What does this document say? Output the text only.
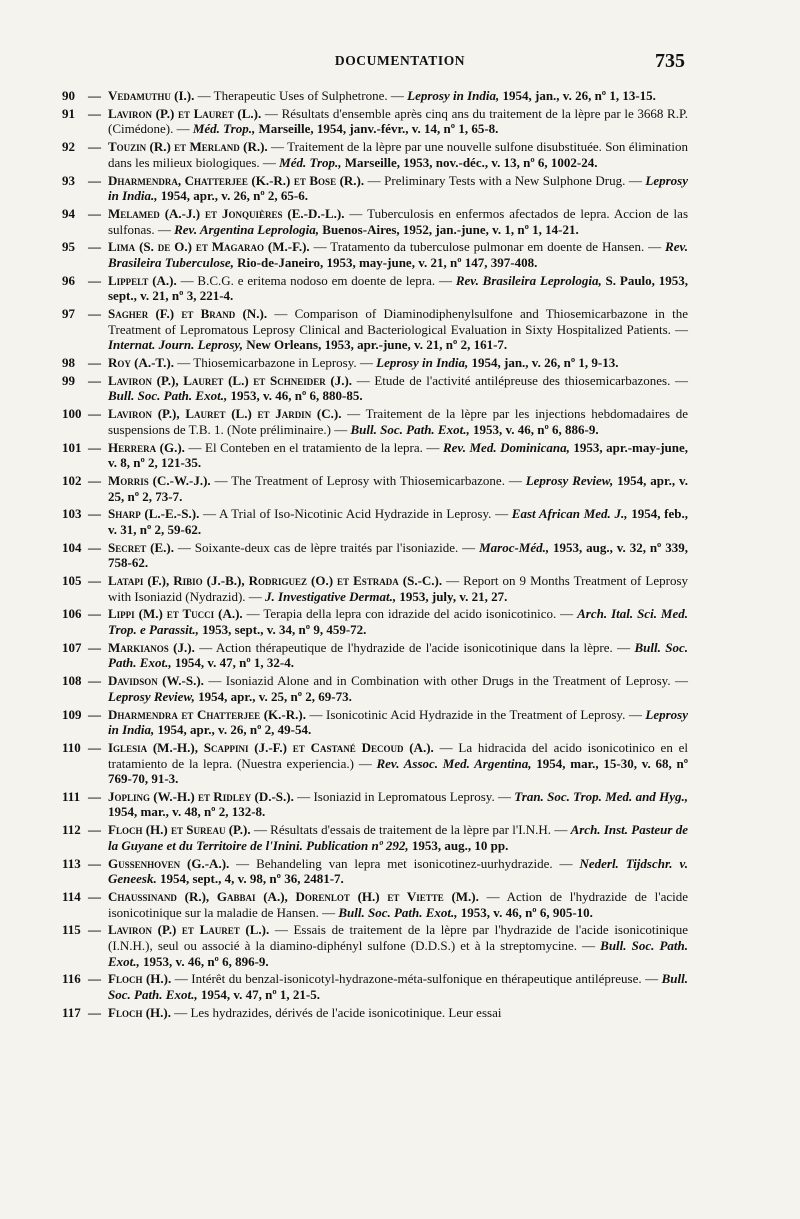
DOCUMENTATION	735
90 — Vedamuthu (I.). — Therapeutic Uses of Sulphetrone. — Leprosy in India, 1954, jan., v. 26, nº 1, 13-15.
91 — Laviron (P.) et Lauret (L.). — Résultats d'ensemble après cinq ans du traitement de la lèpre par le 3668 R.P. (Cimédone). — Méd. Trop., Marseille, 1954, janv.-févr., v. 14, nº 1, 65-8.
92 — Touzin (R.) et Merland (R.). — Traitement de la lèpre par une nouvelle sulfone disubstituée. Son élimination dans les milieux biologiques. — Méd. Trop., Marseille, 1953, nov.-déc., v. 13, nº 6, 1002-24.
93 — Dharmendra, Chatterjee (K.-R.) et Bose (R.). — Preliminary Tests with a New Sulphone Drug. — Leprosy in India., 1954, apr., v. 26, nº 2, 65-6.
94 — Melamed (A.-J.) et Jonquières (E.-D.-L.). — Tuberculosis en enfermos afectados de lepra. Accion de las sulfonas. — Rev. Argentina Leprologia, Buenos-Aires, 1952, jan.-june, v. 1, nº 1, 14-21.
95 — Lima (S. de O.) et Magarao (M.-F.). — Tratamento da tuberculose pulmonar em doente de Hansen. — Rev. Brasileira Tuberculose, Rio-de-Janeiro, 1953, may-june, v. 21, nº 147, 397-408.
96 — Lippelt (A.). — B.C.G. e eritema nodoso em doente de lepra. — Rev. Brasileira Leprologia, S. Paulo, 1953, sept., v. 21, nº 3, 221-4.
97 — Sagher (F.) et Brand (N.). — Comparison of Diaminodiphenylsulfone and Thiosemicarbazone in the Treatment of Lepromatous Leprosy Clinical and Bacteriological Evaluation in Sixty Hospitalized Patients. — Internat. Journ. Leprosy, New Orleans, 1953, apr.-june, v. 21, nº 2, 161-7.
98 — Roy (A.-T.). — Thiosemicarbazone in Leprosy. — Leprosy in India, 1954, jan., v. 26, nº 1, 9-13.
99 — Laviron (P.), Lauret (L.) et Schneider (J.). — Etude de l'activité antilépreuse des thiosemicarbazones. — Bull. Soc. Path. Exot., 1953, v. 46, nº 6, 880-85.
100 — Laviron (P.), Lauret (L.) et Jardin (C.). — Traitement de la lèpre par les injections hebdomadaires de suspensions de T.B. 1. (Note préliminaire.) — Bull. Soc. Path. Exot., 1953, v. 46, nº 6, 886-9.
101 — Herrera (G.). — El Conteben en el tratamiento de la lepra. — Rev. Med. Dominicana, 1953, apr.-may-june, v. 8, nº 2, 121-35.
102 — Morris (C.-W.-J.). — The Treatment of Leprosy with Thiosemicarbazone. — Leprosy Review, 1954, apr., v. 25, nº 2, 73-7.
103 — Sharp (L.-E.-S.). — A Trial of Iso-Nicotinic Acid Hydrazide in Leprosy. — East African Med. J., 1954, feb., v. 31, nº 2, 59-62.
104 — Secret (E.). — Soixante-deux cas de lèpre traités par l'isoniazide. — Maroc-Méd., 1953, aug., v. 32, nº 339, 758-62.
105 — Latapi (F.), Ribio (J.-B.), Rodriguez (O.) et Estrada (S.-C.). — Report on 9 Months Treatment of Leprosy with Isoniazid (Nydrazid). — J. Investigative Dermat., 1953, july, v. 21, 27.
106 — Lippi (M.) et Tucci (A.). — Terapia della lepra con idrazide del acido isonicotinico. — Arch. Ital. Sci. Med. Trop. e Parassit., 1953, sept., v. 34, nº 9, 459-72.
107 — Markianos (J.). — Action thérapeutique de l'hydrazide de l'acide isonicotinique dans la lèpre. — Bull. Soc. Path. Exot., 1954, v. 47, nº 1, 32-4.
108 — Davidson (W.-S.). — Isoniazid Alone and in Combination with other Drugs in the Treatment of Leprosy. — Leprosy Review, 1954, apr., v. 25, nº 2, 69-73.
109 — Dharmendra et Chatterjee (K.-R.). — Isonicotinic Acid Hydrazide in the Treatment of Leprosy. — Leprosy in India, 1954, apr., v. 26, nº 2, 49-54.
110 — Iglesia (M.-H.), Scappini (J.-F.) et Castané Decoud (A.). — La hidracida del acido isonicotinico en el tratamiento de la lepra. (Nuestra experiencia.) — Rev. Assoc. Med. Argentina, 1954, mar., 15-30, v. 68, nº 769-70, 91-3.
111 — Jopling (W.-H.) et Ridley (D.-S.). — Isoniazid in Lepromatous Leprosy. — Tran. Soc. Trop. Med. and Hyg., 1954, mar., v. 48, nº 2, 132-8.
112 — Floch (H.) et Sureau (P.). — Résultats d'essais de traitement de la lèpre par l'I.N.H. — Arch. Inst. Pasteur de la Guyane et du Territoire de l'Inini. Publication nº 292, 1953, aug., 10 pp.
113 — Gussenhoven (G.-A.). — Behandeling van lepra met isonicotinez-uurhydrazide. — Nederl. Tijdschr. v. Geneesk. 1954, sept., 4, v. 98, nº 36, 2481-7.
114 — Chaussinand (R.), Gabbai (A.), Dorenlot (H.) et Viette (M.). — Action de l'hydrazide de l'acide isonicotinique sur la maladie de Hansen. — Bull. Soc. Path. Exot., 1953, v. 46, nº 6, 905-10.
115 — Laviron (P.) et Lauret (L.). — Essais de traitement de la lèpre par l'hydrazide de l'acide isonicotinique (I.N.H.), seul ou associé à la diamino-diphényl sulfone (D.D.S.) et à la streptomycine. — Bull. Soc. Path. Exot., 1953, v. 46, nº 6, 896-9.
116 — Floch (H.). — Intérêt du benzal-isonicotyl-hydrazone-méta-sulfonique en thérapeutique antilépreuse. — Bull. Soc. Path. Exot., 1954, v. 47, nº 1, 21-5.
117 — Floch (H.). — Les hydrazides, dérivés de l'acide isonicotinique. Leur essai
